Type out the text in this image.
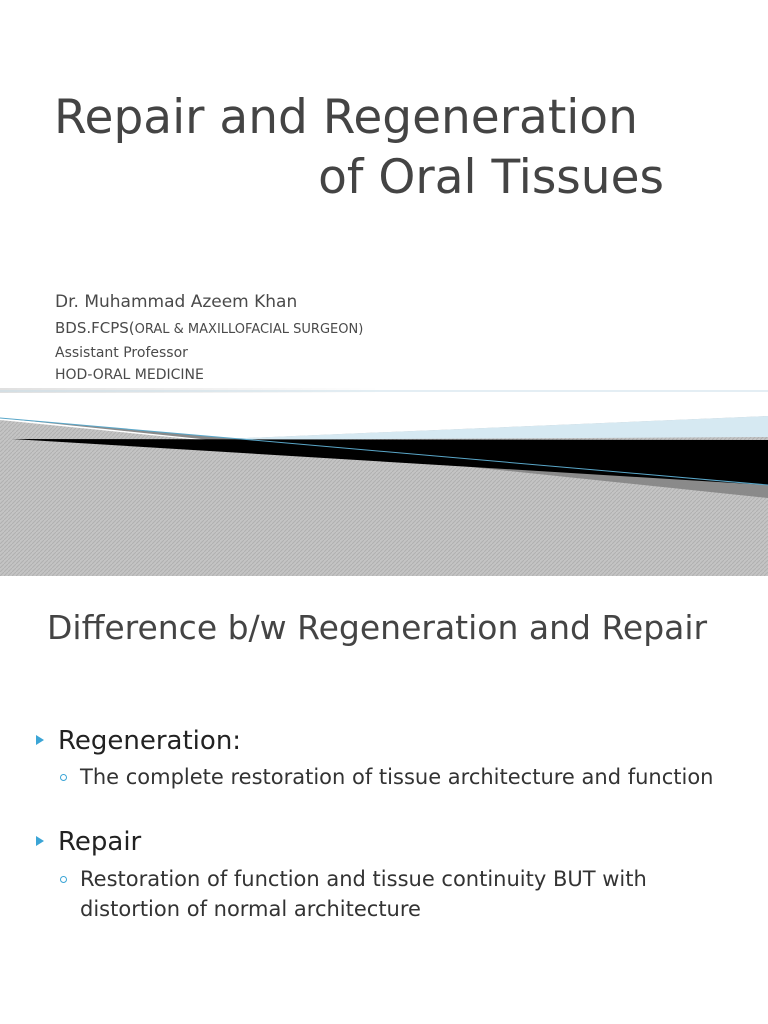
Repair and Regeneration
of Oral Tissues
Dr. Muhammad Azeem Khan
BDS.FCPS(ORAL & MAXILLOFACIAL SURGEON)
Assistant Professor
HOD-ORAL MEDICINE
Difference b/w Regeneration and Repair
Regeneration:
The complete restoration of tissue architecture and function
Repair
Restoration of function and tissue continuity BUT with distortion of normal architecture
